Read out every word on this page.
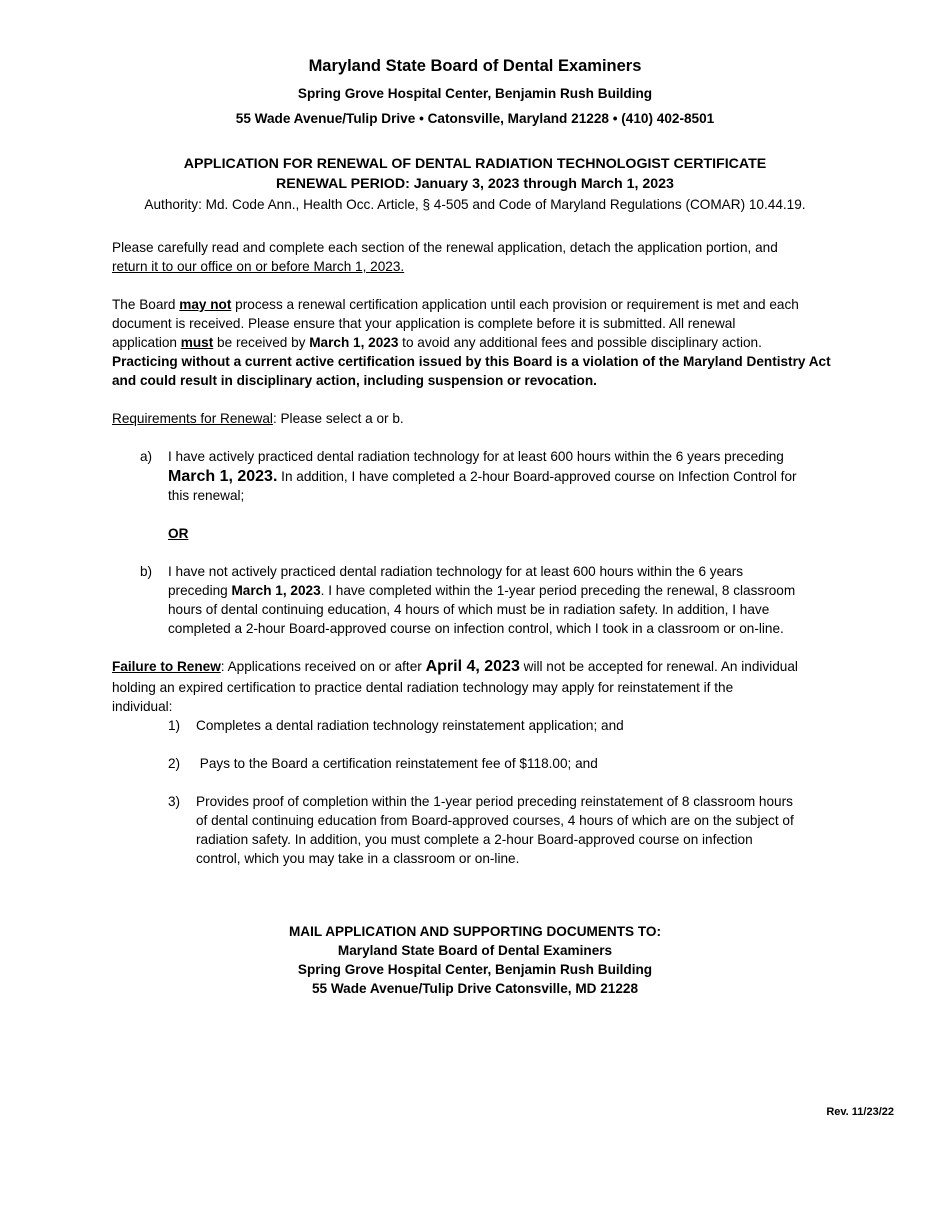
Maryland State Board of Dental Examiners
Spring Grove Hospital Center, Benjamin Rush Building
55 Wade Avenue/Tulip Drive • Catonsville, Maryland 21228 • (410) 402-8501
APPLICATION FOR RENEWAL OF DENTAL RADIATION TECHNOLOGIST CERTIFICATE
RENEWAL PERIOD: January 3, 2023 through March 1, 2023
Authority: Md. Code Ann., Health Occ. Article, § 4-505 and Code of Maryland Regulations (COMAR) 10.44.19.
Please carefully read and complete each section of the renewal application, detach the application portion, and
return it to our office on or before March 1, 2023.
The Board may not process a renewal certification application until each provision or requirement is met and each
document is received. Please ensure that your application is complete before it is submitted. All renewal
application must be received by March 1, 2023 to avoid any additional fees and possible disciplinary action.
Practicing without a current active certification issued by this Board is a violation of the Maryland Dentistry Act
and could result in disciplinary action, including suspension or revocation.
Requirements for Renewal: Please select a or b.
a) I have actively practiced dental radiation technology for at least 600 hours within the 6 years preceding
March 1, 2023. In addition, I have completed a 2-hour Board-approved course on Infection Control for
this renewal;
OR
b) I have not actively practiced dental radiation technology for at least 600 hours within the 6 years
preceding March 1, 2023. I have completed within the 1-year period preceding the renewal, 8 classroom
hours of dental continuing education, 4 hours of which must be in radiation safety. In addition, I have
completed a 2-hour Board-approved course on infection control, which I took in a classroom or on-line.
Failure to Renew: Applications received on or after April 4, 2023 will not be accepted for renewal. An individual
holding an expired certification to practice dental radiation technology may apply for reinstatement if the
individual:
1) Completes a dental radiation technology reinstatement application; and
2) Pays to the Board a certification reinstatement fee of $118.00; and
3) Provides proof of completion within the 1-year period preceding reinstatement of 8 classroom hours
of dental continuing education from Board-approved courses, 4 hours of which are on the subject of
radiation safety. In addition, you must complete a 2-hour Board-approved course on infection
control, which you may take in a classroom or on-line.
MAIL APPLICATION AND SUPPORTING DOCUMENTS TO:
Maryland State Board of Dental Examiners
Spring Grove Hospital Center, Benjamin Rush Building
55 Wade Avenue/Tulip Drive Catonsville, MD 21228
Rev. 11/23/22
